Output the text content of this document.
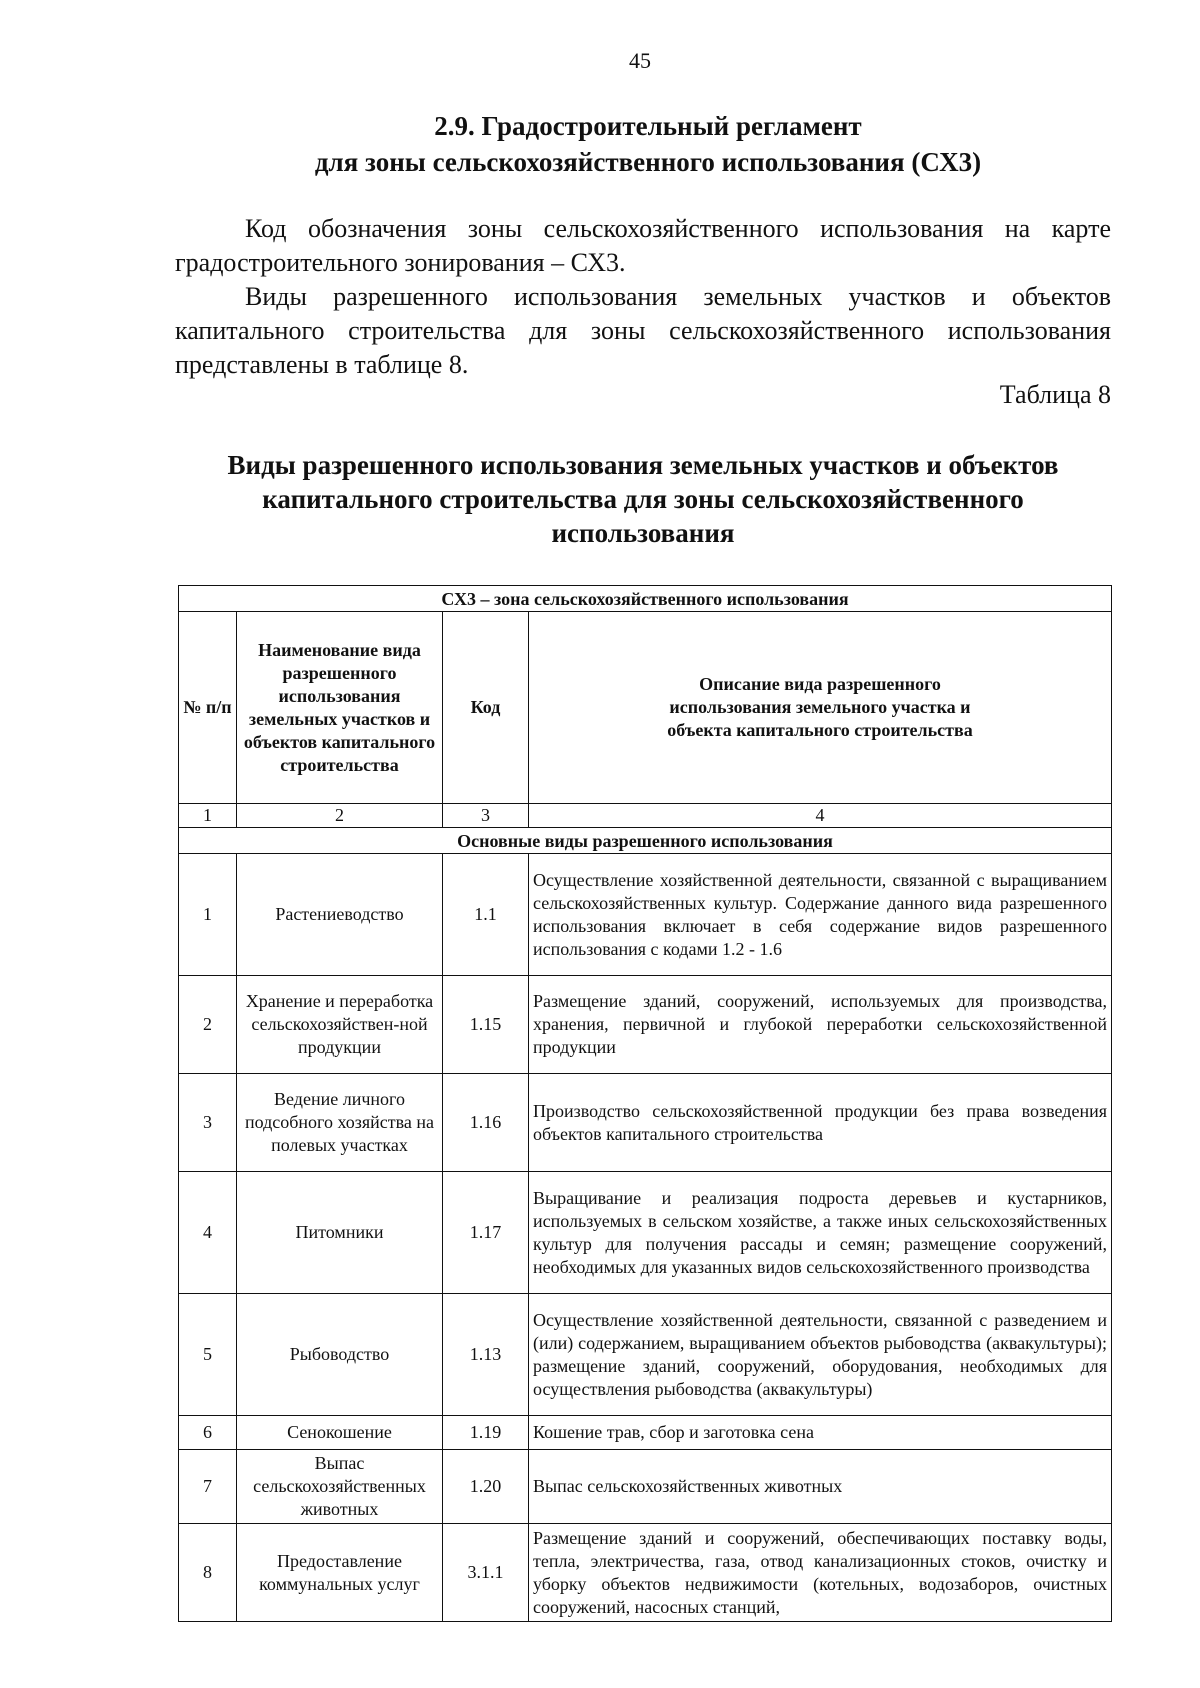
45
2.9. Градостроительный регламент
для зоны сельскохозяйственного использования (СХ3)
Код обозначения зоны сельскохозяйственного использования на карте градостроительного зонирования – СХ3.
Виды разрешенного использования земельных участков и объектов капитального строительства для зоны сельскохозяйственного использования представлены в таблице 8.
Таблица 8
Виды разрешенного использования земельных участков и объектов
капитального строительства для зоны сельскохозяйственного
использования
СХ3 – зона сельскохозяйственного использования			
№ п/п	Наименование вида разрешенного использования земельных участков и объектов капитального строительства	Код	Описание вида разрешенного использования земельного участка и объекта капитального строительства
1	2	3	4
Основные виды разрешенного использования			
1	Растениеводство	1.1	Осуществление хозяйственной деятельности, связанной с выращиванием сельскохозяйственных культур. Содержание данного вида разрешенного использования включает в себя содержание видов разрешенного использования с кодами 1.2 - 1.6
2	Хранение и переработка сельскохозяйствен-ной продукции	1.15	Размещение зданий, сооружений, используемых для производства, хранения, первичной и глубокой переработки сельскохозяйственной продукции
3	Ведение личного подсобного хозяйства на полевых участках	1.16	Производство сельскохозяйственной продукции без права возведения объектов капитального строительства
4	Питомники	1.17	Выращивание и реализация подроста деревьев и кустарников, используемых в сельском хозяйстве, а также иных сельскохозяйственных культур для получения рассады и семян; размещение сооружений, необходимых для указанных видов сельскохозяйственного производства
5	Рыбоводство	1.13	Осуществление хозяйственной деятельности, связанной с разведением и (или) содержанием, выращиванием объектов рыбоводства (аквакультуры); размещение зданий, сооружений, оборудования, необходимых для осуществления рыбоводства (аквакультуры)
6	Сенокошение	1.19	Кошение трав, сбор и заготовка сена
7	Выпас сельскохозяйственных животных	1.20	Выпас сельскохозяйственных животных
8	Предоставление коммунальных услуг	3.1.1	Размещение зданий и сооружений, обеспечивающих поставку воды, тепла, электричества, газа, отвод канализационных стоков, очистку и уборку объектов недвижимости (котельных, водозаборов, очистных сооружений, насосных станций,
